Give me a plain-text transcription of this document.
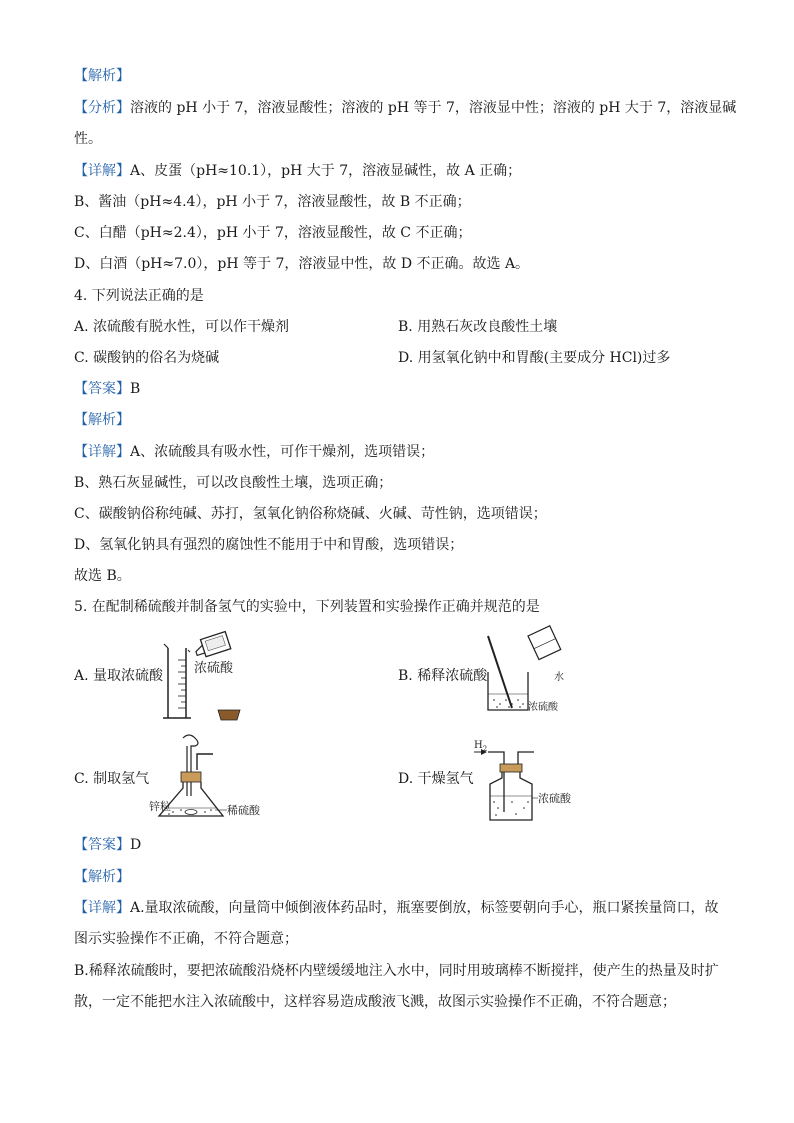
【解析】
【分析】溶液的 pH 小于 7，溶液显酸性；溶液的 pH 等于 7，溶液显中性；溶液的 pH 大于 7，溶液显碱
性。
【详解】A、皮蛋（pH≈10.1），pH 大于 7，溶液显碱性，故 A 正确；
B、酱油（pH≈4.4），pH 小于 7，溶液显酸性，故 B 不正确；
C、白醋（pH≈2.4），pH 小于 7，溶液显酸性，故 C 不正确；
D、白酒（pH≈7.0），pH 等于 7，溶液显中性，故 D 不正确。故选 A。
4. 下列说法正确的是
A. 浓硫酸有脱水性，可以作干燥剂	B. 用熟石灰改良酸性土壤
C. 碳酸钠的俗名为烧碱	D. 用氢氧化钠中和胃酸(主要成分 HCl)过多
【答案】B
【解析】
【详解】A、浓硫酸具有吸水性，可作干燥剂，选项错误；
B、熟石灰显碱性，可以改良酸性土壤，选项正确；
C、碳酸钠俗称纯碱、苏打，氢氧化钠俗称烧碱、火碱、苛性钠，选项错误；
D、氢氧化钠具有强烈的腐蚀性不能用于中和胃酸，选项错误；
故选 B。
5. 在配制稀硫酸并制备氢气的实验中，下列装置和实验操作正确并规范的是
A. 量取浓硫酸 浓硫酸	B. 稀释浓硫酸	水
浓硫酸
C. 制取氢气
锌粒	稀硫酸
D. 干燥氢气
$H_2$
浓硫酸
【答案】D
【解析】
【详解】A.量取浓硫酸，向量筒中倾倒液体药品时，瓶塞要倒放，标签要朝向手心，瓶口紧挨量筒口，故
图示实验操作不正确，不符合题意；
B.稀释浓硫酸时，要把浓硫酸沿烧杯内壁缓缓地注入水中，同时用玻璃棒不断搅拌，使产生的热量及时扩
散，一定不能把水注入浓硫酸中，这样容易造成酸液飞溅，故图示实验操作不正确，不符合题意；
